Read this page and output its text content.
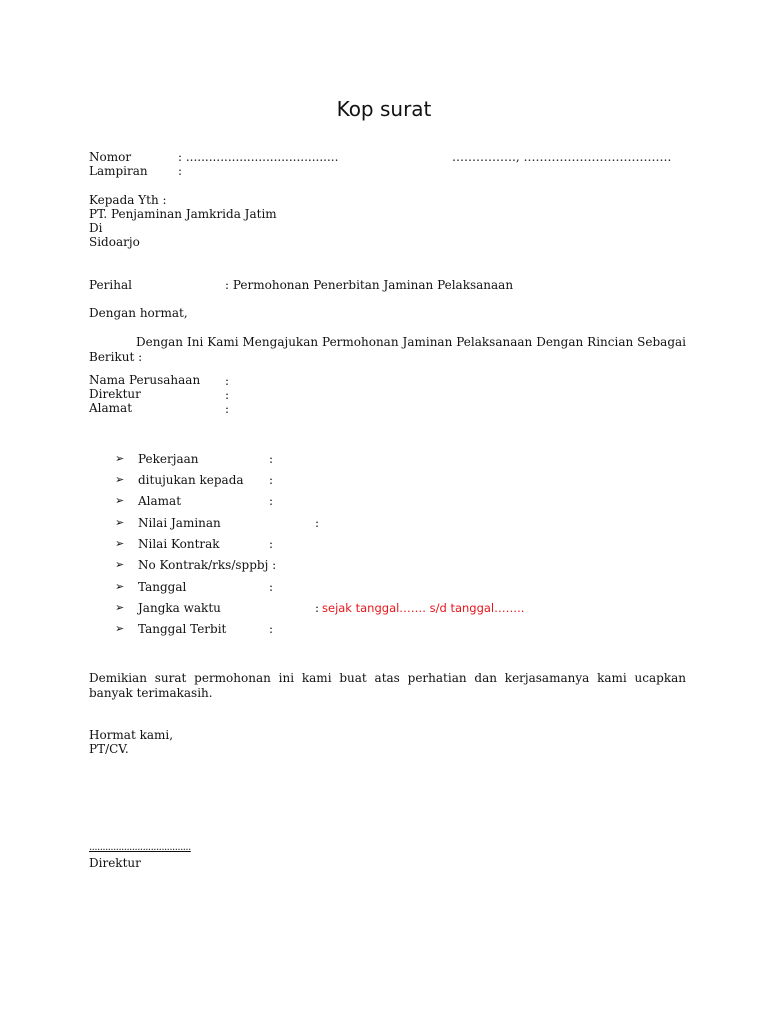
Kop surat
Nomor	: ........................................	……………., ……………………………….
Lampiran	:
Kepada Yth :
PT. Penjaminan Jamkrida Jatim
Di
Sidoarjo
Perihal	: Permohonan Penerbitan Jaminan Pelaksanaan
Dengan hormat,
Dengan Ini Kami Mengajukan Permohonan Jaminan Pelaksanaan Dengan Rincian Sebagai Berikut :
Nama Perusahaan :
Direktur	:
Alamat	:
➢ Pekerjaan	:
➢ ditujukan kepada :
➢ Alamat	:
➢ Nilai Jaminan	:
➢ Nilai Kontrak	:
➢ No Kontrak/rks/sppbj :
➢ Tanggal	:
➢ Jangka waktu	: sejak tanggal……. s/d tanggal……..
➢ Tanggal Terbit	:
Demikian surat permohonan ini kami buat atas perhatian dan kerjasamanya kami ucapkan banyak terimakasih.
Hormat kami,
PT/CV.
......................................
Direktur
